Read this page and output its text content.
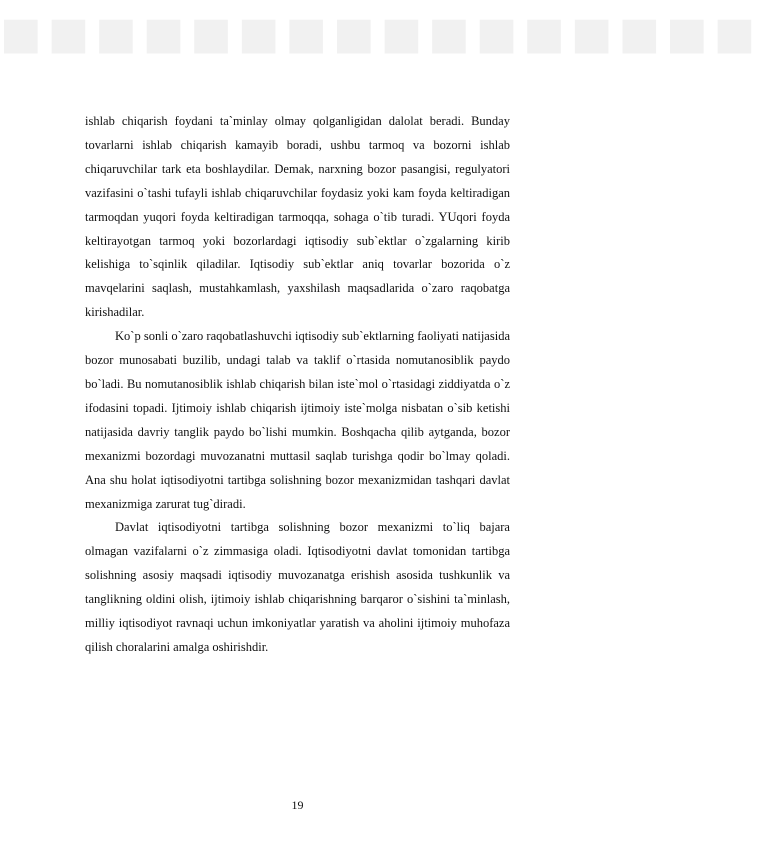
■■■■■■■■■■■■■■■■

ishlab chiqarish foydani ta`minlay olmay qolganligidan dalolat beradi. Bunday tovarlarni ishlab chiqarish kamayib boradi, ushbu tarmoq va bozorni ishlab chiqaruvchilar tark eta boshlaydilar. Demak, narxning bozor pasangisi, regulyatori vazifasini o`tashi tufayli ishlab chiqaruvchilar foydasiz yoki kam foyda keltiradigan tarmoqdan yuqori foyda keltiradigan tarmoqqa, sohaga o`tib turadi. YUqori foyda keltirayotgan tarmoq yoki bozorlardagi iqtisodiy sub`ektlar o`zgalarning kirib kelishiga to`sqinlik qiladilar. Iqtisodiy sub`ektlar aniq tovarlar bozorida o`z mavqelarini saqlash, mustahkamlash, yaxshilash maqsadlarida o`zaro raqobatga kirishadilar.

Ko`p sonli o`zaro raqobatlashuvchi iqtisodiy sub`ektlarning faoliyati natijasida bozor munosabati buzilib, undagi talab va taklif o`rtasida nomutanosiblik paydo bo`ladi. Bu nomutanosiblik ishlab chiqarish bilan iste`mol o`rtasidagi ziddiyatda o`z ifodasini topadi. Ijtimoiy ishlab chiqarish ijtimoiy iste`molga nisbatan o`sib ketishi natijasida davriy tanglik paydo bo`lishi mumkin. Boshqacha qilib aytganda, bozor mexanizmi bozordagi muvozanatni muttasil saqlab turishga qodir bo`lmay qoladi. Ana shu holat iqtisodiyotni tartibga solishning bozor mexanizmidan tashqari davlat mexanizmiga zarurat tug`diradi.

Davlat iqtisodiyotni tartibga solishning bozor mexanizmi to`liq bajara olmagan vazifalarni o`z zimmasiga oladi. Iqtisodiyotni davlat tomonidan tartibga solishning asosiy maqsadi iqtisodiy muvozanatga erishish asosida tushkunlik va tanglikning oldini olish, ijtimoiy ishlab chiqarishning barqaror o`sishini ta`minlash, milliy iqtisodiyot ravnaqi uchun imkoniyatlar yaratish va aholini ijtimoiy muhofaza qilish choralarini amalga oshirishdir.

19
